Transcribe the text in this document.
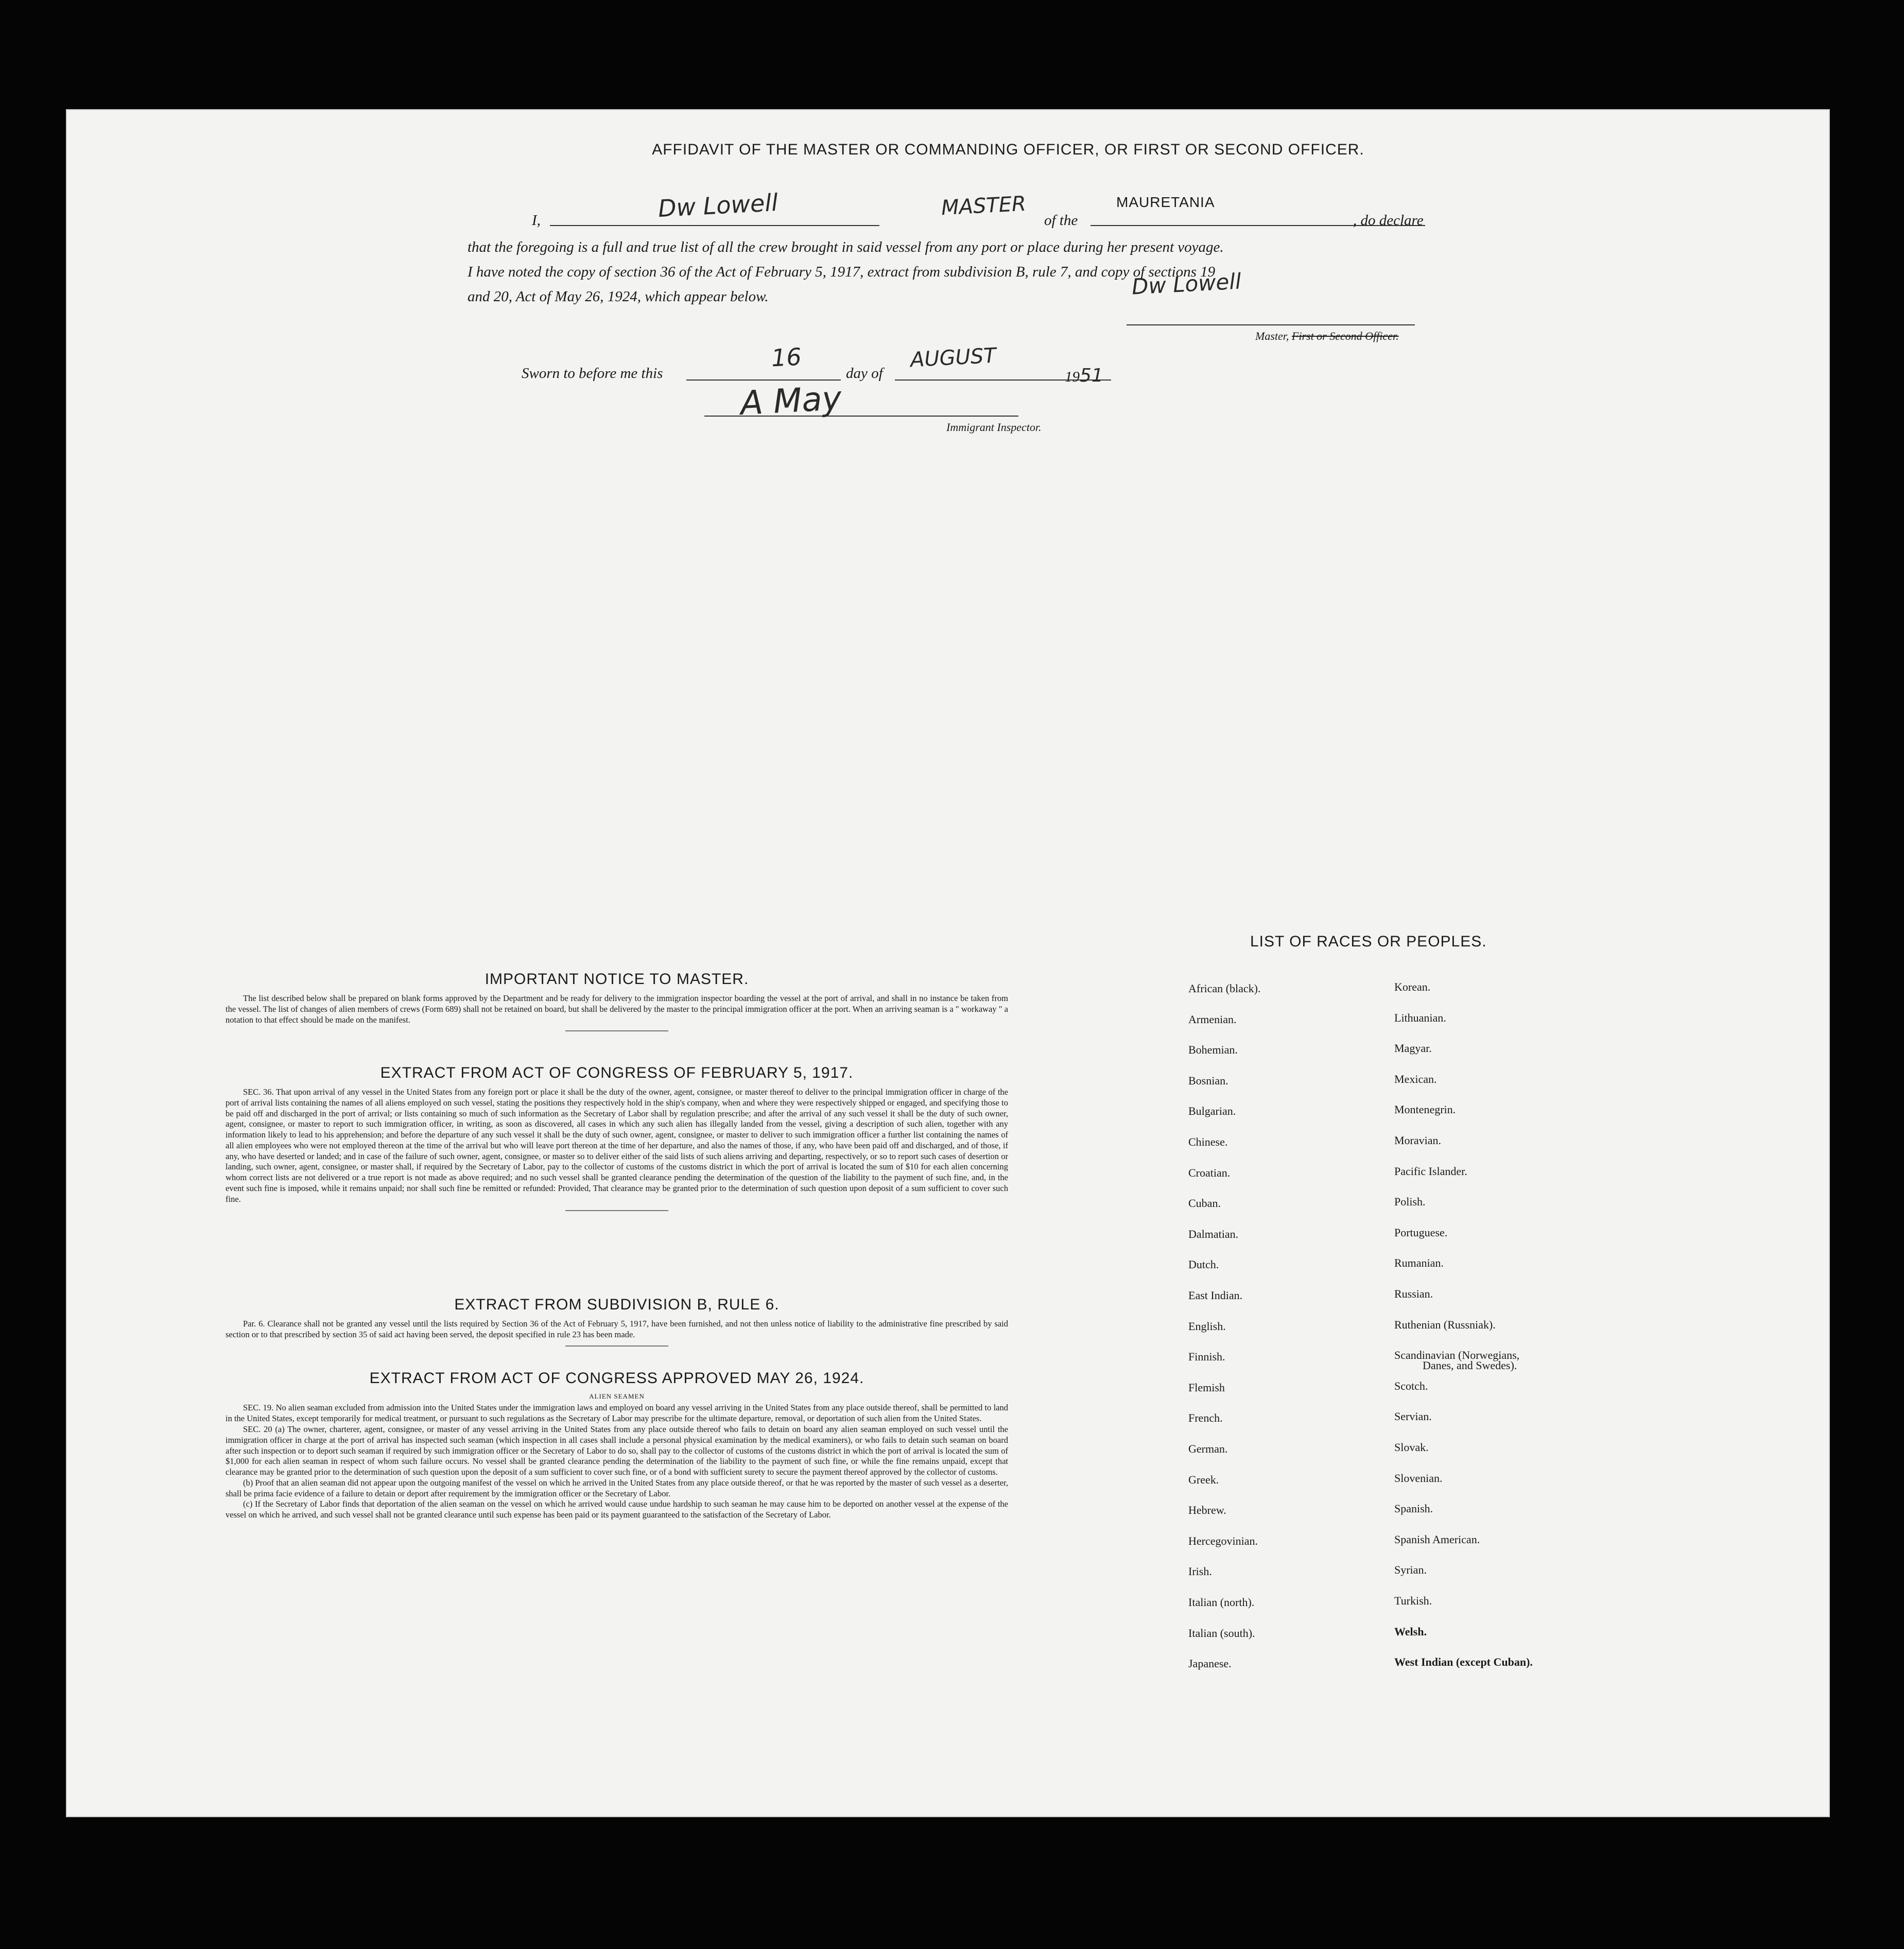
AFFIDAVIT OF THE MASTER OR COMMANDING OFFICER, OR FIRST OR SECOND OFFICER.
I,	Dw Lowell	MASTER
of the
MAURETANIA
, do declare
that the foregoing is a full and true list of all the crew brought in said vessel from any port or place during her present voyage.
I have noted the copy of section 36 of the Act of February 5, 1917, extract from subdivision B, rule 7, and copy of sections 19
and 20, Act of May 26, 1924, which appear below.	Dw Lowell
Master, First or Second Officer.
Sworn to before me this
16
day of
AUGUST
1951
A May
Immigrant Inspector.
IMPORTANT NOTICE TO MASTER.

The list described below shall be prepared on blank forms approved by the Department and be ready for delivery to the immigration inspector boarding the vessel at the port of arrival, and shall in no instance be taken from the vessel. The list of changes of alien members of crews (Form 689) shall not be retained on board, but shall be delivered by the master to the principal immigration officer at the port. When an arriving seaman is a " workaway " a notation to that effect should be made on the manifest.

EXTRACT FROM ACT OF CONGRESS OF FEBRUARY 5, 1917.

SEC. 36. That upon arrival of any vessel in the United States from any foreign port or place it shall be the duty of the owner, agent, consignee, or master thereof to deliver to the principal immigration officer in charge of the port of arrival lists containing the names of all aliens employed on such vessel, stating the positions they respectively hold in the ship's company, when and where they were respectively shipped or engaged, and specifying those to be paid off and discharged in the port of arrival; or lists containing so much of such information as the Secretary of Labor shall by regulation prescribe; and after the arrival of any such vessel it shall be the duty of such owner, agent, consignee, or master to report to such immigration officer, in writing, as soon as discovered, all cases in which any such alien has illegally landed from the vessel, giving a description of such alien, together with any information likely to lead to his apprehension; and before the departure of any such vessel it shall be the duty of such owner, agent, consignee, or master to deliver to such immigration officer a further list containing the names of all alien employees who were not employed thereon at the time of the arrival but who will leave port thereon at the time of her departure, and also the names of those, if any, who have been paid off and discharged, and of those, if any, who have deserted or landed; and in case of the failure of such owner, agent, consignee, or master so to deliver either of the said lists of such aliens arriving and departing, respectively, or so to report such cases of desertion or landing, such owner, agent, consignee, or master shall, if required by the Secretary of Labor, pay to the collector of customs of the customs district in which the port of arrival is located the sum of $10 for each alien concerning whom correct lists are not delivered or a true report is not made as above required; and no such vessel shall be granted clearance pending the determination of the question of the liability to the payment of such fine, and, in the event such fine is imposed, while it remains unpaid; nor shall such fine be remitted or refunded: Provided, That clearance may be granted prior to the determination of such question upon deposit of a sum sufficient to cover such fine.

EXTRACT FROM SUBDIVISION B, RULE 6.

Par. 6. Clearance shall not be granted any vessel until the lists required by Section 36 of the Act of February 5, 1917, have been furnished, and not then unless notice of liability to the administrative fine prescribed by said section or to that prescribed by section 35 of said act having been served, the deposit specified in rule 23 has been made.

EXTRACT FROM ACT OF CONGRESS APPROVED MAY 26, 1924.

ALIEN SEAMEN

SEC. 19. No alien seaman excluded from admission into the United States under the immigration laws and employed on board any vessel arriving in the United States from any place outside thereof, shall be permitted to land in the United States, except temporarily for medical treatment, or pursuant to such regulations as the Secretary of Labor may prescribe for the ultimate departure, removal, or deportation of such alien from the United States.

SEC. 20 (a) The owner, charterer, agent, consignee, or master of any vessel arriving in the United States from any place outside thereof who fails to detain on board any alien seaman employed on such vessel until the immigration officer in charge at the port of arrival has inspected such seaman (which inspection in all cases shall include a personal physical examination by the medical examiners), or who fails to detain such seaman on board after such inspection or to deport such seaman if required by such immigration officer or the Secretary of Labor to do so, shall pay to the collector of customs of the customs district in which the port of arrival is located the sum of $1,000 for each alien seaman in respect of whom such failure occurs. No vessel shall be granted clearance pending the determination of the liability to the payment of such fine, or while the fine remains unpaid, except that clearance may be granted prior to the determination of such question upon the deposit of a sum sufficient to cover such fine, or of a bond with sufficient surety to secure the payment thereof approved by the collector of customs.

(b) Proof that an alien seaman did not appear upon the outgoing manifest of the vessel on which he arrived in the United States from any place outside thereof, or that he was reported by the master of such vessel as a deserter, shall be prima facie evidence of a failure to detain or deport after requirement by the immigration officer or the Secretary of Labor.

(c) If the Secretary of Labor finds that deportation of the alien seaman on the vessel on which he arrived would cause undue hardship to such seaman he may cause him to be deported on another vessel at the expense of the vessel on which he arrived, and such vessel shall not be granted clearance until such expense has been paid or its payment guaranteed to the satisfaction of the Secretary of Labor.

LIST OF RACES OR PEOPLES.
Danes, and Swedes).
African (black).
Armenian.
Bohemian.
Bosnian.
Bulgarian.
Chinese.
Croatian.
Cuban.
Dalmatian.
Dutch.
East Indian.
English.
Finnish.
Flemish
French.
German.
Greek.
Hebrew.
Hercegovinian.
Irish.
Italian (north).
Italian (south).
Japanese.
Korean.
Lithuanian.
Magyar.
Mexican.
Montenegrin.
Moravian.
Pacific Islander.
Polish.
Portuguese.
Rumanian.
Russian.
Ruthenian (Russniak).
Scandinavian (Norwegians,
Scotch.
Servian.
Slovak.
Slovenian.
Spanish.
Spanish American.
Syrian.
Turkish.
Welsh.
West Indian (except Cuban).
